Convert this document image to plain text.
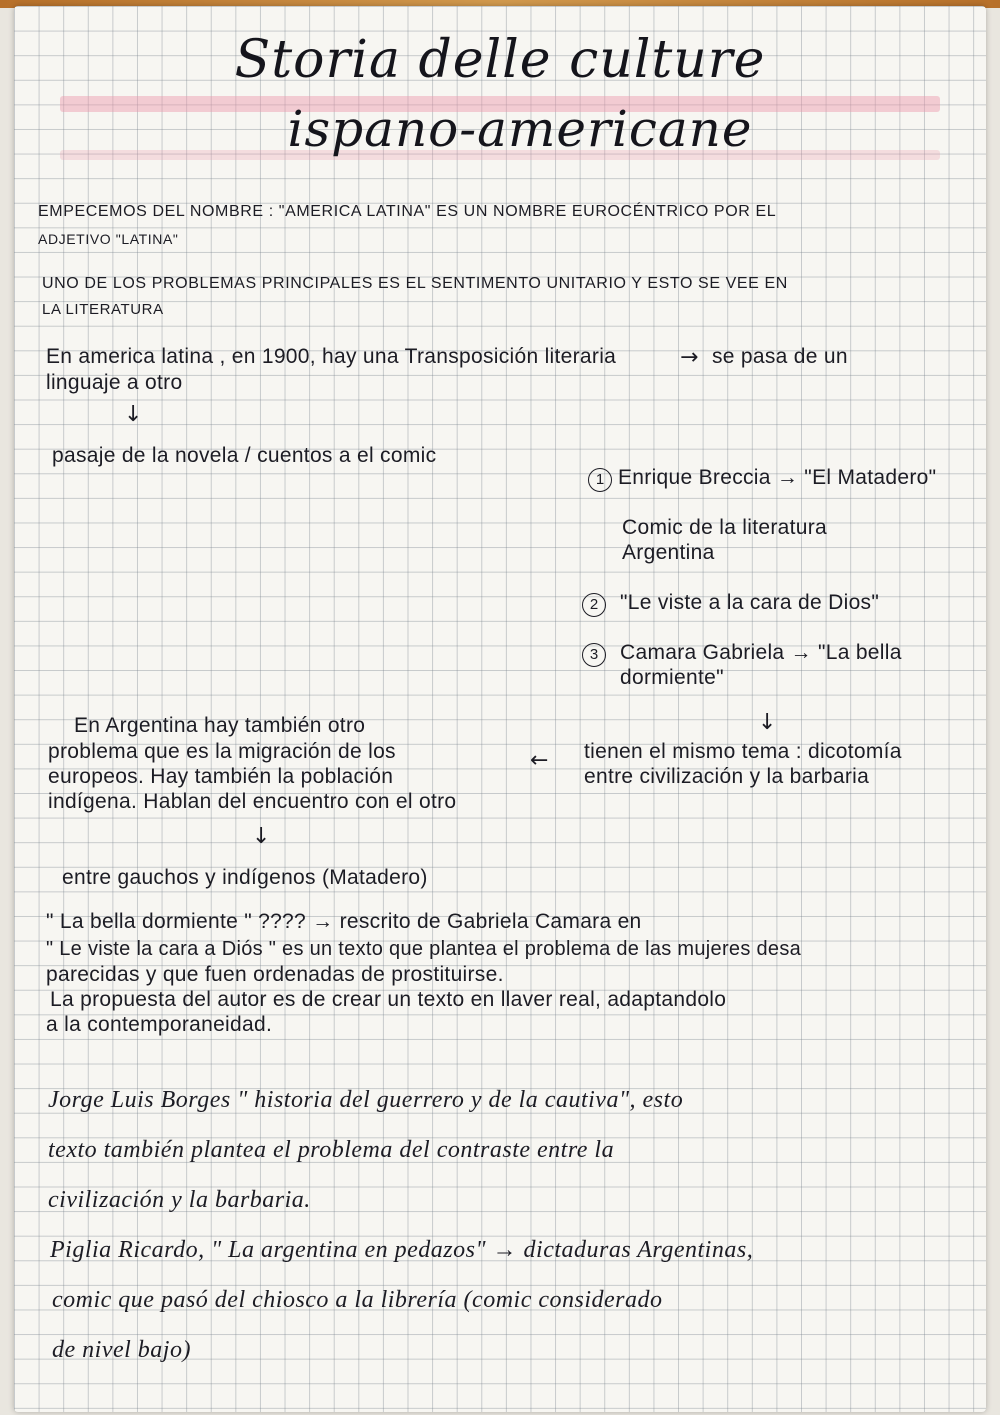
Storia delle culture
ispano-americane
EMPECEMOS DEL NOMBRE : "AMERICA LATINA" ES UN NOMBRE EUROCÉNTRICO POR EL
ADJETIVO "LATINA"
UNO DE LOS PROBLEMAS PRINCIPALES ES EL SENTIMENTO UNITARIO Y ESTO SE VEE EN
LA LITERATURA
En america latina , en 1900, hay una Transposición literaria	→ se pasa de un
linguaje a otro
↓
pasaje de la novela / cuentos a el comic
1 Enrique Breccia → "El Matadero"
Comic de la literatura
Argentina
2	"Le viste a la cara de Dios"
3	Camara Gabriela → "La bella
dormiente"
↓
tienen el mismo tema : dicotomía
entre civilización y la barbaria
En Argentina hay también otro
problema que es la migración de los
europeos. Hay también la población
indígena. Hablan del encuentro con el otro
←
↓
entre gauchos y indígenos (Matadero)
" La bella dormiente " ???? → rescrito de Gabriela Camara en
" Le viste la cara a Diós " es un texto que plantea el problema de las mujeres desa
parecidas y que fuen ordenadas de prostituirse.
La propuesta del autor es de crear un texto en llaver real, adaptandolo
a la contemporaneidad.
Jorge Luis Borges " historia del guerrero y de la cautiva", esto
texto también plantea el problema del contraste entre la
civilización y la barbaria.
Piglia Ricardo, " La argentina en pedazos" → dictaduras Argentinas,
comic que pasó del chiosco a la librería (comic considerado
de nivel bajo)
